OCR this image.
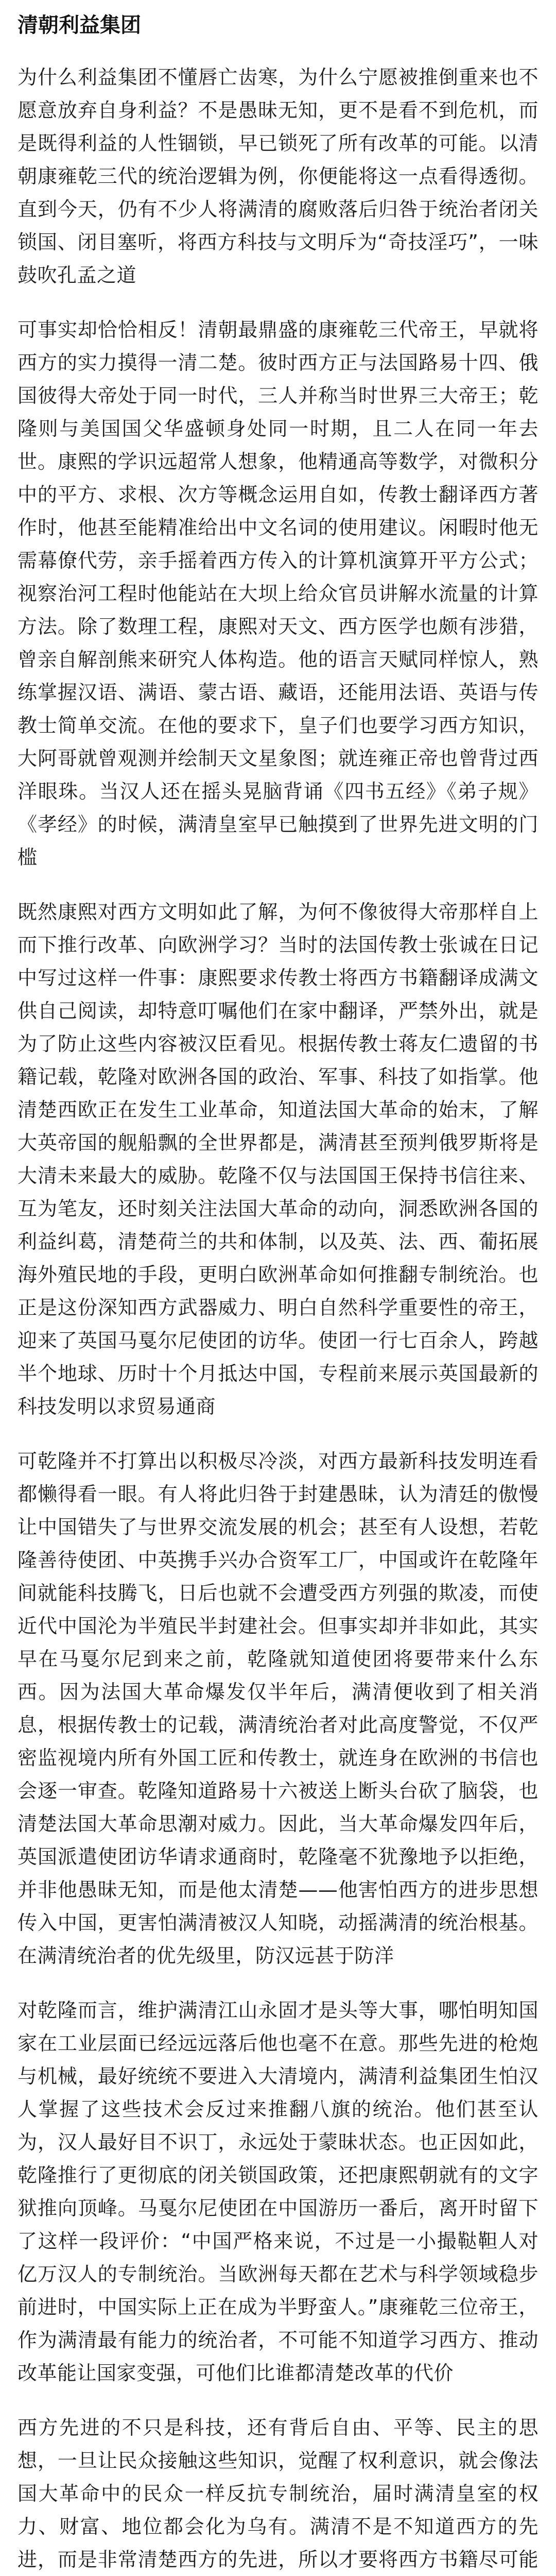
清朝利益集团

为什么利益集团不懂唇亡齿寒，为什么宁愿被推倒重来也不愿意放弃自身利益？不是愚昧无知，更不是看不到危机，而是既得利益的人性锢锁，早已锁死了所有改革的可能。以清朝康雍乾三代的统治逻辑为例，你便能将这一点看得透彻。直到今天，仍有不少人将满清的腐败落后归咎于统治者闭关锁国、闭目塞听，将西方科技与文明斥为“奇技淫巧”，一味鼓吹孔孟之道

可事实却恰恰相反！清朝最鼎盛的康雍乾三代帝王，早就将西方的实力摸得一清二楚。彼时西方正与法国路易十四、俄国彼得大帝处于同一时代，三人并称当时世界三大帝王；乾隆则与美国国父华盛顿身处同一时期，且二人在同一年去世。康熙的学识远超常人想象，他精通高等数学，对微积分中的平方、求根、次方等概念运用自如，传教士翻译西方著作时，他甚至能精准给出中文名词的使用建议。闲暇时他无需幕僚代劳，亲手摇着西方传入的计算机演算开平方公式；视察治河工程时他能站在大坝上给众官员讲解水流量的计算方法。除了数理工程，康熙对天文、西方医学也颇有涉猎，曾亲自解剖熊来研究人体构造。他的语言天赋同样惊人，熟练掌握汉语、满语、蒙古语、藏语，还能用法语、英语与传教士简单交流。在他的要求下，皇子们也要学习西方知识，大阿哥就曾观测并绘制天文星象图；就连雍正帝也曾背过西洋眼珠。当汉人还在摇头晃脑背诵《四书五经》《弟子规》《孝经》的时候，满清皇室早已触摸到了世界先进文明的门槛

既然康熙对西方文明如此了解，为何不像彼得大帝那样自上而下推行改革、向欧洲学习？当时的法国传教士张诚在日记中写过这样一件事：康熙要求传教士将西方书籍翻译成满文供自己阅读，却特意叮嘱他们在家中翻译，严禁外出，就是为了防止这些内容被汉臣看见。根据传教士蒋友仁遗留的书籍记载，乾隆对欧洲各国的政治、军事、科技了如指掌。他清楚西欧正在发生工业革命，知道法国大革命的始末，了解大英帝国的舰船飘的全世界都是，满清甚至预判俄罗斯将是大清未来最大的威胁。乾隆不仅与法国国王保持书信往来、互为笔友，还时刻关注法国大革命的动向，洞悉欧洲各国的利益纠葛，清楚荷兰的共和体制，以及英、法、西、葡拓展海外殖民地的手段，更明白欧洲革命如何推翻专制统治。也正是这份深知西方武器威力、明白自然科学重要性的帝王，迎来了英国马戛尔尼使团的访华。使团一行七百余人，跨越半个地球、历时十个月抵达中国，专程前来展示英国最新的科技发明以求贸易通商

可乾隆并不打算出以积极尽冷淡，对西方最新科技发明连看都懒得看一眼。有人将此归咎于封建愚昧，认为清廷的傲慢让中国错失了与世界交流发展的机会；甚至有人设想，若乾隆善待使团、中英携手兴办合资军工厂，中国或许在乾隆年间就能科技腾飞，日后也就不会遭受西方列强的欺凌，而使近代中国沦为半殖民半封建社会。但事实却并非如此，其实早在马戛尔尼到来之前，乾隆就知道使团将要带来什么东西。因为法国大革命爆发仅半年后，满清便收到了相关消息，根据传教士的记载，满清统治者对此高度警觉，不仅严密监视境内所有外国工匠和传教士，就连身在欧洲的书信也会逐一审查。乾隆知道路易十六被送上断头台砍了脑袋，也清楚法国大革命思潮对威力。因此，当大革命爆发四年后，英国派遣使团访华请求通商时，乾隆毫不犹豫地予以拒绝，并非他愚昧无知，而是他太清楚——他害怕西方的进步思想传入中国，更害怕满清被汉人知晓，动摇满清的统治根基。在满清统治者的优先级里，防汉远甚于防洋

对乾隆而言，维护满清江山永固才是头等大事，哪怕明知国家在工业层面已经远远落后他也毫不在意。那些先进的枪炮与机械，最好统统不要进入大清境内，满清利益集团生怕汉人掌握了这些技术会反过来推翻八旗的统治。他们甚至认为，汉人最好目不识丁，永远处于蒙昧状态。也正因如此，乾隆推行了更彻底的闭关锁国政策，还把康熙朝就有的文字狱推向顶峰。马戛尔尼使团在中国游历一番后，离开时留下了这样一段评价：“中国严格来说，不过是一小撮鞑靼人对亿万汉人的专制统治。当欧洲每天都在艺术与科学领域稳步前进时，中国实际上正在成为半野蛮人。”康雍乾三位帝王，作为满清最有能力的统治者，不可能不知道学习西方、推动改革能让国家变强，可他们比谁都清楚改革的代价

西方先进的不只是科技，还有背后自由、平等、民主的思想，一旦让民众接触这些知识，觉醒了权利意识，就会像法国大革命中的民众一样反抗专制统治，届时满清皇室的权力、财富、地位都会化为乌有。满清不是不知道西方的先进，而是非常清楚西方的先进，所以才要将西方书籍尽可能
